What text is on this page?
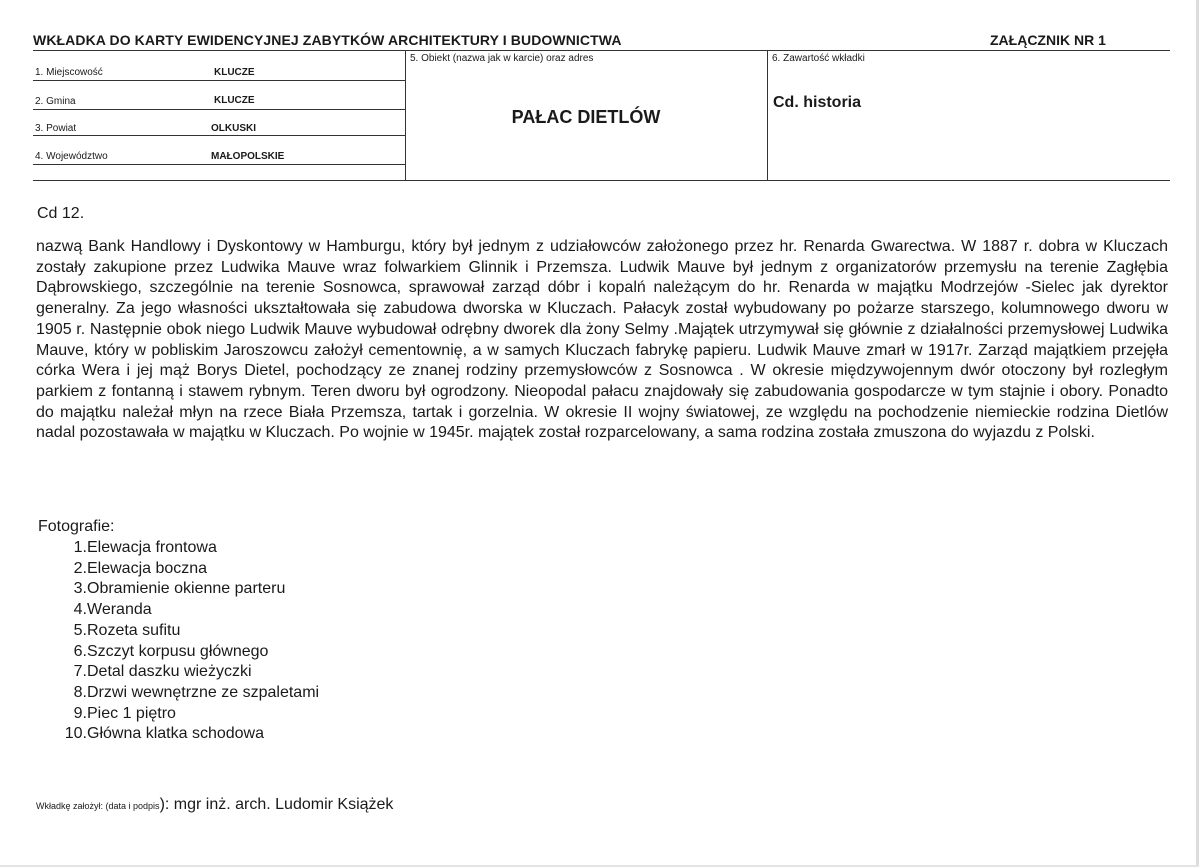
WKŁADKA DO KARTY EWIDENCYJNEJ ZABYTKÓW ARCHITEKTURY I BUDOWNICTWA	ZAŁĄCZNIK NR 1
1. Miejscowość	KLUCZE
2. Gmina	KLUCZE
3. Powiat	OLKUSKI
4. Województwo	MAŁOPOLSKIE
5. Obiekt (nazwa jak w karcie) oraz adres
PAŁAC DIETLÓW
6. Zawartość wkładki
Cd. historia
Cd 12.
nazwą Bank Handlowy i Dyskontowy w Hamburgu, który był jednym z udziałowców założonego przez hr. Renarda Gwarectwa. W 1887 r. dobra w Kluczach zostały zakupione przez Ludwika Mauve wraz folwarkiem Glinnik i Przemsza. Ludwik Mauve był jednym z organizatorów przemysłu na terenie Zagłębia Dąbrowskiego, szczególnie na terenie Sosnowca, sprawował zarząd dóbr i kopalń należącym do hr. Renarda w majątku Modrzejów -Sielec jak dyrektor generalny. Za jego własności ukształtowała się zabudowa dworska w Kluczach. Pałacyk został wybudowany po pożarze starszego, kolumnowego dworu w 1905 r. Następnie obok niego Ludwik Mauve wybudował odrębny dworek dla żony Selmy .Majątek utrzymywał się głównie z działalności przemysłowej Ludwika Mauve, który w pobliskim Jaroszowcu założył cementownię, a w samych Kluczach fabrykę papieru. Ludwik Mauve zmarł w 1917r. Zarząd majątkiem przejęła córka Wera i jej mąż Borys Dietel, pochodzący ze znanej rodziny przemysłowców z Sosnowca . W okresie międzywojennym dwór otoczony był rozległym parkiem z fontanną i stawem rybnym. Teren dworu był ogrodzony. Nieopodal pałacu znajdowały się zabudowania gospodarcze w tym stajnie i obory. Ponadto do majątku należał młyn na rzece Biała Przemsza, tartak i gorzelnia. W okresie II wojny światowej, ze względu na pochodzenie niemieckie rodzina Dietlów nadal pozostawała w majątku w Kluczach. Po wojnie w 1945r. majątek został rozparcelowany, a sama rodzina została zmuszona do wyjazdu z Polski.
Fotografie:
1. Elewacja frontowa
2. Elewacja boczna
3. Obramienie okienne parteru
4. Weranda
5. Rozeta sufitu
6. Szczyt korpusu głównego
7. Detal daszku wieżyczki
8. Drzwi wewnętrzne ze szpaletami
9. Piec 1 piętro
10. Główna klatka schodowa
Wkładkę założył: (data i podpis): mgr inż. arch. Ludomir Książek
